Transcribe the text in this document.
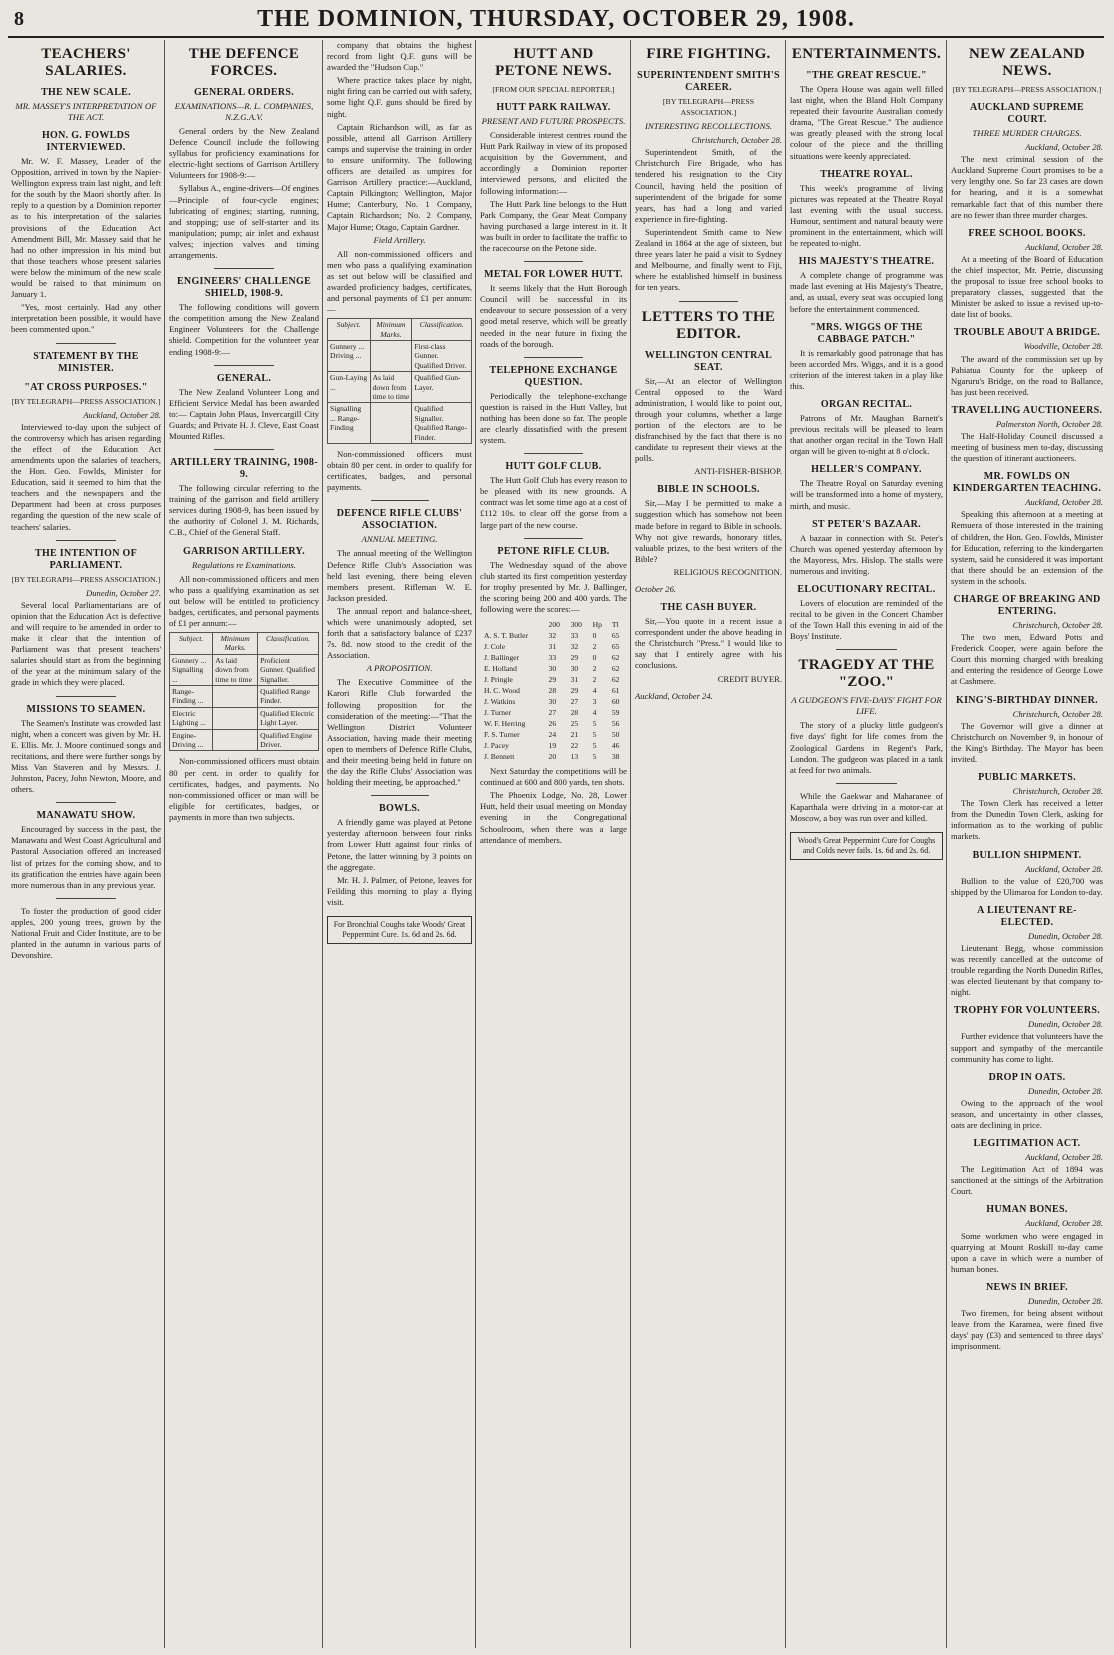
8	THE DOMINION, THURSDAY, OCTOBER 29, 1908.
TEACHERS' SALARIES.
THE NEW SCALE.
MR. MASSEY'S INTERPRETATION OF THE ACT.
HON. G. FOWLDS INTERVIEWED.

Mr. W. F. Massey, Leader of the Opposition, arrived in town by the Napier-Wellington express train last night, and left for the south by the Maori shortly after. In reply to a question by a Dominion reporter as to his interpretation of the salaries provisions of the Education Act Amendment Bill, Mr. Massey said that he had no other impression in his mind but that those teachers whose present salaries were below the minimum of the new scale would be raised to that minimum on January 1.

"Yes, most certainly. Had any other interpretation been possible, it would have been commented upon."

STATEMENT BY THE MINISTER.
"AT CROSS PURPOSES."
[BY TELEGRAPH—PRESS ASSOCIATION.]
Auckland, October 28.

Interviewed to-day upon the subject of the controversy which has arisen regarding the effect of the Education Act amendments upon the salaries of teachers, the Hon. Geo. Fowlds, Minister for Education, said it seemed to him that the teachers and the newspapers and the Department had been at cross purposes regarding the question of the new scale of teachers' salaries.

THE INTENTION OF PARLIAMENT.
[BY TELEGRAPH—PRESS ASSOCIATION.]
Dunedin, October 27.

Several local Parliamentarians are of opinion that the Education Act is defective and will require to be amended in order to make it clear that the intention of Parliament was that present teachers' salaries should start as from the beginning of the year at the minimum salary of the grade in which they were placed.

MISSIONS TO SEAMEN.

The Seamen's Institute was crowded last night, when a concert was given by Mr. H. E. Ellis. Mr. J. Moore continued songs and recitations, and there were further songs by Miss Van Staveren and by Messrs. J. Johnston, Pacey, John Newton, Moore, and others.

MANAWATU SHOW.

Encouraged by success in the past, the Manawatu and West Coast Agricultural and Pastoral Association offered an increased list of prizes for the coming show, and to its gratification the entries have again been more numerous than in any previous year.

To foster the production of good cider apples, 200 young trees, grown by the National Fruit and Cider Institute, are to be planted in the autumn in various parts of Devonshire.

THE DEFENCE FORCES.
GENERAL ORDERS.
EXAMINATIONS—R. L. COMPANIES, N.Z.G.A.V.

General orders by the New Zealand Defence Council include the following syllabus for proficiency examinations for electric-light sections of Garrison Artillery Volunteers for 1908-9:—

Syllabus A., engine-drivers—Of engines—Principle of four-cycle engines; lubricating of engines; starting, running, and stopping; use of self-starter and its manipulation; pump; air inlet and exhaust valves; injection valves and timing arrangements.

ENGINEERS' CHALLENGE SHIELD, 1908-9.

The following conditions will govern the competition among the New Zealand Engineer Volunteers for the Challenge shield. Competition for the volunteer year ending 1908-9:—

GENERAL.

The New Zealand Volunteer Long and Efficient Service Medal has been awarded to:— Captain John Plaus, Invercargill City Guards; and Private H. J. Cleve, East Coast Mounted Rifles.

ARTILLERY TRAINING, 1908-9.

The following circular referring to the training of the garrison and field artillery services during 1908-9, has been issued by the authority of Colonel J. M. Richards, C.B., Chief of the General Staff.

GARRISON ARTILLERY.
Regulations re Examinations.

All non-commissioned officers and men who pass a qualifying examination as set out below will be entitled to proficiency badges, certificates, and personal payments of £1 per annum:—

Subject.	Minimum Marks.	Classification.
Gunnery ... Signalling ...	As laid down from time to time	Proficient Gunner. Qualified Signaller.
Range-Finding ...		Qualified Range Finder.
Electric Lighting ...		Qualified Electric Light Layer.
Engine-Driving ...		Qualified Engine Driver.

Non-commissioned officers must obtain 80 per cent. in order to qualify for certificates, badges, and payments. No non-commissioned officer or man will be eligible for certificates, badges, or payments in more than two subjects.

company that obtains the highest record from light Q.F. guns will be awarded the "Hudson Cup."

Where practice takes place by night, night firing can be carried out with safety, some light Q.F. guns should be fired by night.

Captain Richardson will, as far as possible, attend all Garrison Artillery camps and supervise the training in order to ensure uniformity. The following officers are detailed as umpires for Garrison Artillery practice:—Auckland, Captain Pilkington; Wellington, Major Hume; Canterbury, No. 1 Company, Captain Richardson; No. 2 Company, Major Hume; Otago, Captain Gardner.

Field Artillery.

All non-commissioned officers and men who pass a qualifying examination as set out below will be classified and awarded proficiency badges, certificates, and personal payments of £1 per annum:—

Subject.	Minimum Marks.	Classification.
Gunnery ... Driving ...		First-class Gunner. Qualified Driver.
Gun-Laying ...	As laid down from time to time	Qualified Gun-Layer.
Signalling ... Range-Finding		Qualified Signaller. Qualified Range-Finder.

Non-commissioned officers must obtain 80 per cent. in order to qualify for certificates, badges, and personal payments.

DEFENCE RIFLE CLUBS' ASSOCIATION.
ANNUAL MEETING.

The annual meeting of the Wellington Defence Rifle Club's Association was held last evening, there being eleven members present. Rifleman W. E. Jackson presided.

The annual report and balance-sheet, which were unanimously adopted, set forth that a satisfactory balance of £237 7s. 8d. now stood to the credit of the Association.

A PROPOSITION.

The Executive Committee of the Karori Rifle Club forwarded the following proposition for the consideration of the meeting:—"That the Wellington District Volunteer Association, having made their meeting open to members of Defence Rifle Clubs, and their meeting being held in future on the day the Rifle Clubs' Association was holding their meeting, be approached."

BOWLS.

A friendly game was played at Petone yesterday afternoon between four rinks from Lower Hutt against four rinks of Petone, the latter winning by 3 points on the aggregate.

Mr. H. J. Palmer, of Petone, leaves for Feilding this morning to play a flying visit.

For Bronchial Coughs take Woods' Great Peppermint Cure. 1s. 6d and 2s. 6d.
HUTT AND PETONE NEWS.
[FROM OUR SPECIAL REPORTER.]
HUTT PARK RAILWAY.
PRESENT AND FUTURE PROSPECTS.

Considerable interest centres round the Hutt Park Railway in view of its proposed acquisition by the Government, and accordingly a Dominion reporter interviewed persons, and elicited the following information:—

The Hutt Park line belongs to the Hutt Park Company, the Gear Meat Company having purchased a large interest in it. It was built in order to facilitate the traffic to the racecourse on the Petone side.

METAL FOR LOWER HUTT.

It seems likely that the Hutt Borough Council will be successful in its endeavour to secure possession of a very good metal reserve, which will be greatly needed in the near future in fixing the roads of the borough.

TELEPHONE EXCHANGE QUESTION.

Periodically the telephone-exchange question is raised in the Hutt Valley, but nothing has been done so far. The people are clearly dissatisfied with the present system.

HUTT GOLF CLUB.

The Hutt Golf Club has every reason to be pleased with its new grounds. A contract was let some time ago at a cost of £112 10s. to clear off the gorse from a large part of the new course.

PETONE RIFLE CLUB.

The Wednesday squad of the above club started its first competition yesterday for trophy presented by Mr. J. Ballinger, the scoring being 200 and 400 yards. The following were the scores:—

	200	300	Hp	Tl
A. S. T. Butler	32	33	0	65
J. Cole	31	32	2	65
J. Ballinger	33	29	0	62
E. Holland	30	30	2	62
J. Pringle	29	31	2	62
H. C. Wood	28	29	4	61
J. Watkins	30	27	3	60
J. Turner	27	28	4	59
W. F. Herring	26	25	5	56
F. S. Turner	24	21	5	50
J. Pacey	19	22	5	46
J. Bennett	20	13	5	38

Next Saturday the competitions will be continued at 600 and 800 yards, ten shots.

The Phoenix Lodge, No. 28, Lower Hutt, held their usual meeting on Monday evening in the Congregational Schoolroom, when there was a large attendance of members.

FIRE FIGHTING.
SUPERINTENDENT SMITH'S CAREER.
[BY TELEGRAPH—PRESS ASSOCIATION.]
INTERESTING RECOLLECTIONS.
Christchurch, October 28.

Superintendent Smith, of the Christchurch Fire Brigade, who has tendered his resignation to the City Council, having held the position of superintendent of the brigade for some years, has had a long and varied experience in fire-fighting.

Superintendent Smith came to New Zealand in 1864 at the age of sixteen, but three years later he paid a visit to Sydney and Melbourne, and finally went to Fiji, where he established himself in business for ten years.

LETTERS TO THE EDITOR.
WELLINGTON CENTRAL SEAT.

Sir,—At an elector of Wellington Central opposed to the Ward administration, I would like to point out, through your columns, whether a large portion of the electors are to be disfranchised by the fact that there is no candidate to represent their views at the polls.

ANTI-FISHER-BISHOP.
BIBLE IN SCHOOLS.

Sir,—May I be permitted to make a suggestion which has somehow not been made before in regard to Bible in schools. Why not give rewards, honorary titles, valuable prizes, to the best writers of the Bible?

RELIGIOUS RECOGNITION.
October 26.
THE CASH BUYER.

Sir,—You quote in a recent issue a correspondent under the above heading in the Christchurch "Press." I would like to say that I entirely agree with his conclusions.

CREDIT BUYER.
Auckland, October 24.
ENTERTAINMENTS.
"THE GREAT RESCUE."

The Opera House was again well filled last night, when the Bland Holt Company repeated their favourite Australian comedy drama, "The Great Rescue." The audience was greatly pleased with the strong local colour of the piece and the thrilling situations were keenly appreciated.

THEATRE ROYAL.

This week's programme of living pictures was repeated at the Theatre Royal last evening with the usual success. Humour, sentiment and natural beauty were prominent in the entertainment, which will be repeated to-night.

HIS MAJESTY'S THEATRE.

A complete change of programme was made last evening at His Majesty's Theatre, and, as usual, every seat was occupied long before the entertainment commenced.

"MRS. WIGGS OF THE CABBAGE PATCH."

It is remarkably good patronage that has been accorded Mrs. Wiggs, and it is a good criterion of the interest taken in a play like this.

ORGAN RECITAL.

Patrons of Mr. Maughan Barnett's previous recitals will be pleased to learn that another organ recital in the Town Hall organ will be given to-night at 8 o'clock.

HELLER'S COMPANY.

The Theatre Royal on Saturday evening will be transformed into a home of mystery, mirth, and music.

ST PETER'S BAZAAR.

A bazaar in connection with St. Peter's Church was opened yesterday afternoon by the Mayoress, Mrs. Hislop. The stalls were numerous and inviting.

ELOCUTIONARY RECITAL.

Lovers of elocution are reminded of the recital to be given in the Concert Chamber of the Town Hall this evening in aid of the Boys' Institute.

TRAGEDY AT THE "ZOO."
A GUDGEON'S FIVE-DAYS' FIGHT FOR LIFE.

The story of a plucky little gudgeon's five days' fight for life comes from the Zoological Gardens in Regent's Park, London. The gudgeon was placed in a tank at feed for two animals.

While the Gaekwar and Maharanee of Kaparthala were driving in a motor-car at Moscow, a boy was run over and killed.

Wood's Great Peppermint Cure for Coughs and Colds never fails. 1s. 6d and 2s. 6d.
NEW ZEALAND NEWS.
[BY TELEGRAPH—PRESS ASSOCIATION.]
AUCKLAND SUPREME COURT.
THREE MURDER CHARGES.
Auckland, October 28.

The next criminal session of the Auckland Supreme Court promises to be a very lengthy one. So far 23 cases are down for hearing, and it is a somewhat remarkable fact that of this number there are no fewer than three murder charges.

FREE SCHOOL BOOKS.
Auckland, October 28.

At a meeting of the Board of Education the chief inspector, Mr. Petrie, discussing the proposal to issue free school books to preparatory classes, suggested that the Minister be asked to issue a revised up-to-date list of books.

TROUBLE ABOUT A BRIDGE.
Woodville, October 28.

The award of the commission set up by Pahiatua County for the upkeep of Ngaruru's Bridge, on the road to Ballance, has just been received.

TRAVELLING AUCTIONEERS.
Palmerston North, October 28.

The Half-Holiday Council discussed a meeting of business men to-day, discussing the question of itinerant auctioneers.

MR. FOWLDS ON KINDERGARTEN TEACHING.
Auckland, October 28.

Speaking this afternoon at a meeting at Remuera of those interested in the training of children, the Hon. Geo. Fowlds, Minister for Education, referring to the kindergarten system, said he considered it was important that there should be an extension of the system in the schools.

CHARGE OF BREAKING AND ENTERING.
Christchurch, October 28.

The two men, Edward Potts and Frederick Cooper, were again before the Court this morning charged with breaking and entering the residence of George Lowe at Cashmere.

KING'S-BIRTHDAY DINNER.
Christchurch, October 28.

The Governor will give a dinner at Christchurch on November 9, in honour of the King's Birthday. The Mayor has been invited.

PUBLIC MARKETS.
Christchurch, October 28.

The Town Clerk has received a letter from the Dunedin Town Clerk, asking for information as to the working of public markets.

BULLION SHIPMENT.
Auckland, October 28.

Bullion to the value of £20,700 was shipped by the Ulimaroa for London to-day.

A LIEUTENANT RE-ELECTED.
Dunedin, October 28.

Lieutenant Begg, whose commission was recently cancelled at the outcome of trouble regarding the North Dunedin Rifles, was elected lieutenant by that company to-night.

TROPHY FOR VOLUNTEERS.
Dunedin, October 28.

Further evidence that volunteers have the support and sympathy of the mercantile community has come to light.

DROP IN OATS.
Dunedin, October 28.

Owing to the approach of the wool season, and uncertainty in other classes, oats are declining in price.

LEGITIMATION ACT.
Auckland, October 28.

The Legitimation Act of 1894 was sanctioned at the sittings of the Arbitration Court.

HUMAN BONES.
Auckland, October 28.

Some workmen who were engaged in quarrying at Mount Roskill to-day came upon a cave in which were a number of human bones.

NEWS IN BRIEF.
Dunedin, October 28.

Two firemen, for being absent without leave from the Karamea, were fined five days' pay (£3) and sentenced to three days' imprisonment.
